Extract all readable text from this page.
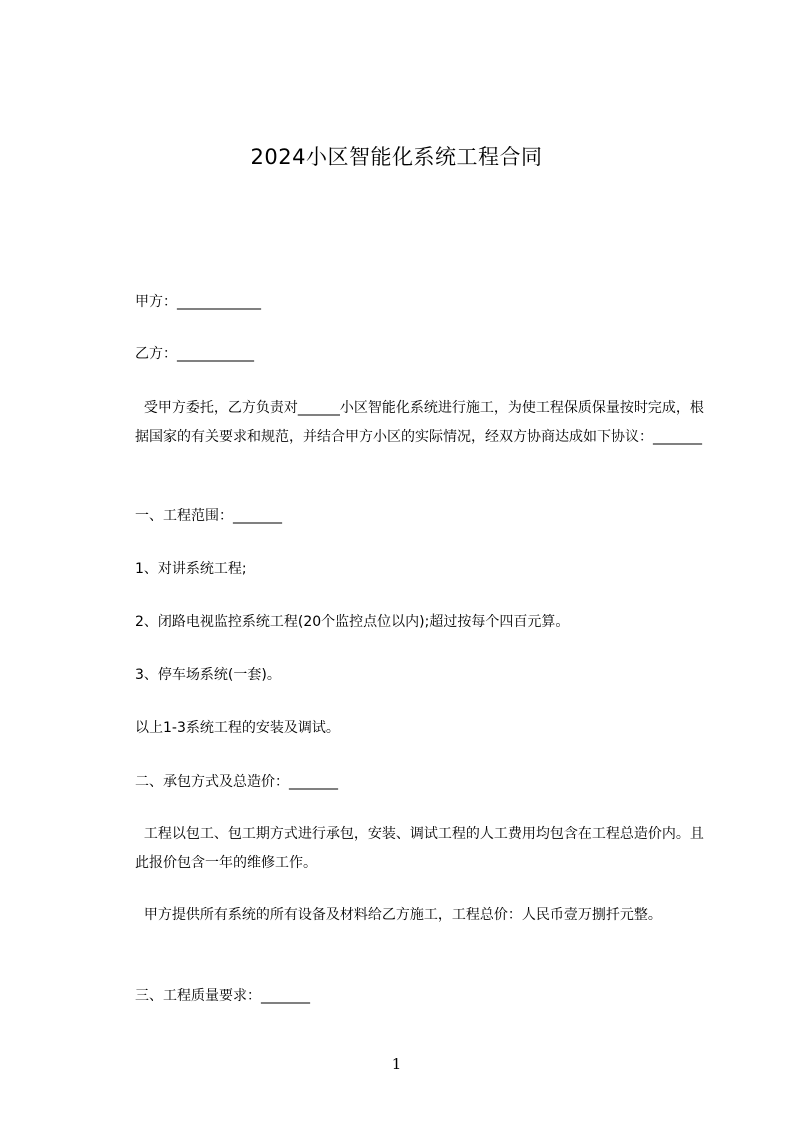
2024小区智能化系统工程合同
甲方：____________
乙方：___________
受甲方委托，乙方负责对______小区智能化系统进行施工，为使工程保质保量按时完成，根据国家的有关要求和规范，并结合甲方小区的实际情况，经双方协商达成如下协议：_______
一、工程范围：_______
1、对讲系统工程;
2、闭路电视监控系统工程(20个监控点位以内);超过按每个四百元算。
3、停车场系统(一套)。
以上1-3系统工程的安装及调试。
二、承包方式及总造价：_______
工程以包工、包工期方式进行承包，安装、调试工程的人工费用均包含在工程总造价内。且此报价包含一年的维修工作。
甲方提供所有系统的所有设备及材料给乙方施工，工程总价：人民币壹万捌扦元整。
三、工程质量要求：_______
1
